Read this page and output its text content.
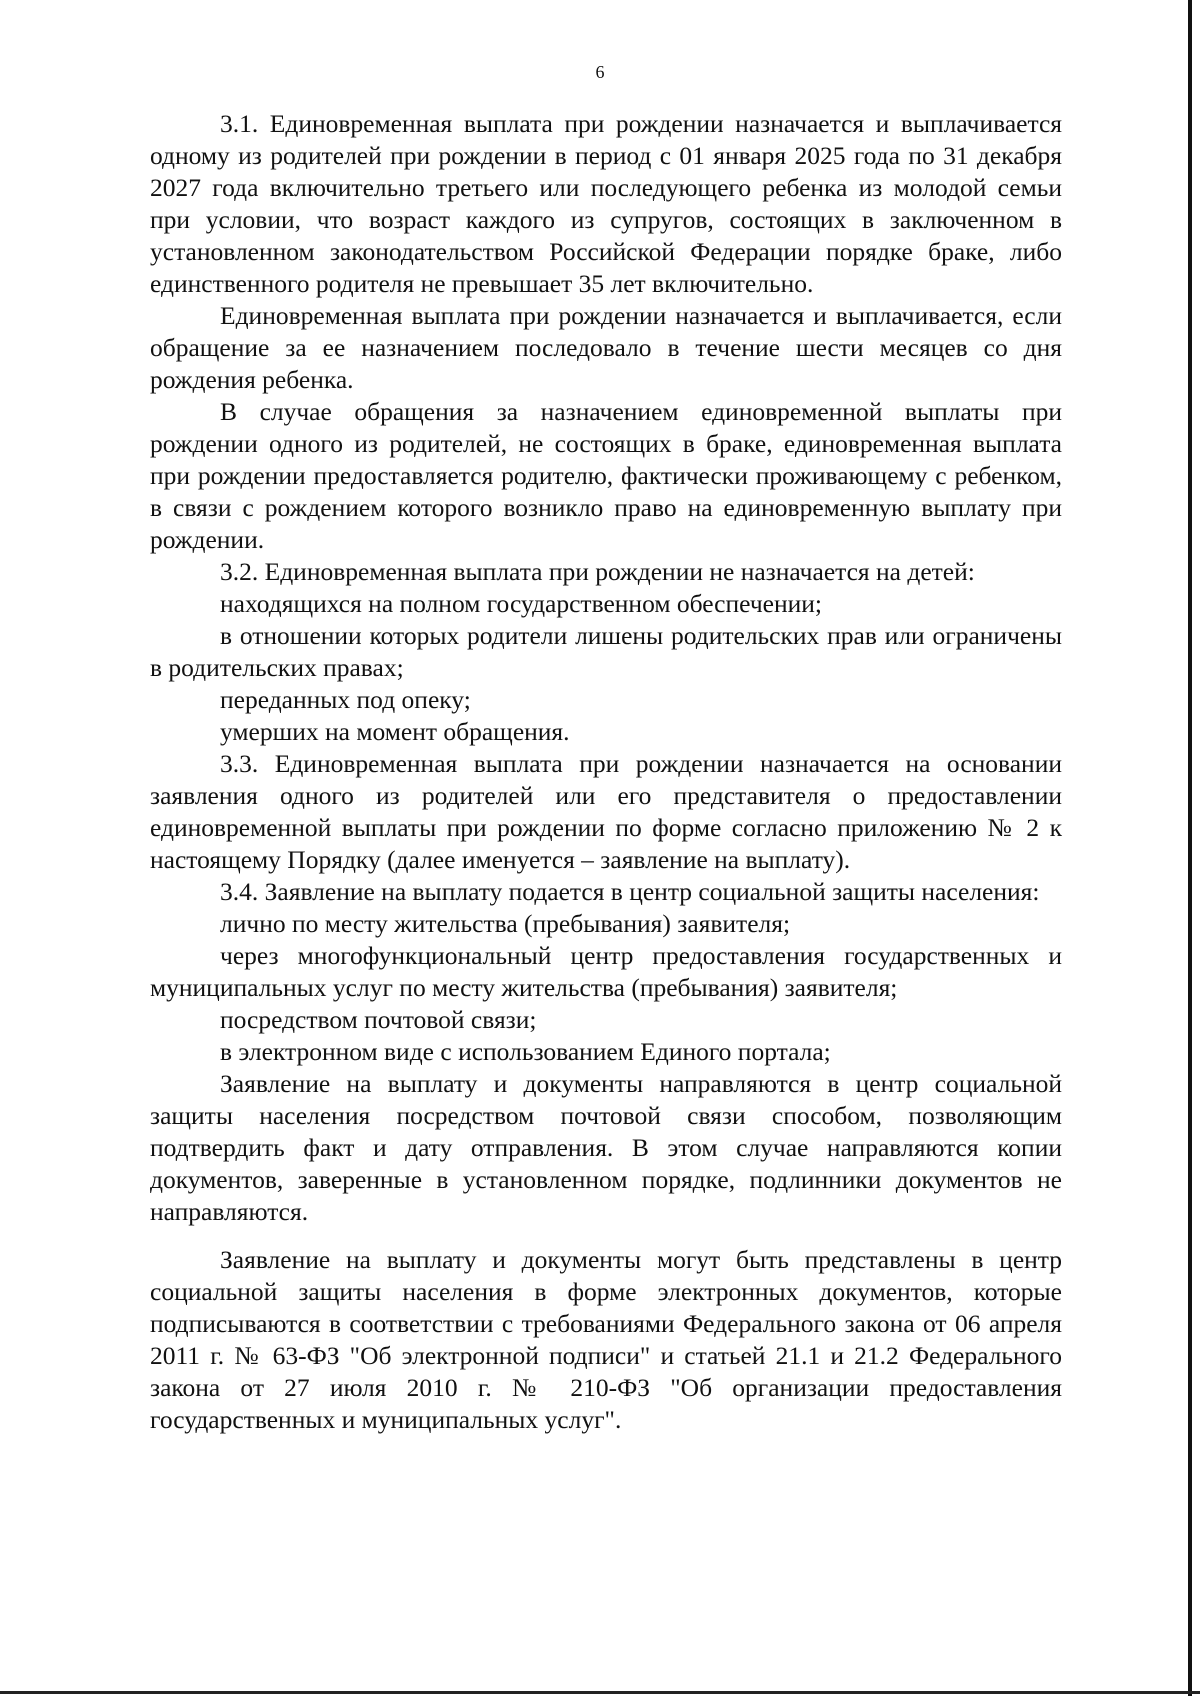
6

3.1. Единовременная выплата при рождении назначается и выплачивается одному из родителей при рождении в период с 01 января 2025 года по 31 декабря 2027 года включительно третьего или последующего ребенка из молодой семьи при условии, что возраст каждого из супругов, состоящих в заключенном в установленном законодательством Российской Федерации порядке браке, либо единственного родителя не превышает 35 лет включительно.

Единовременная выплата при рождении назначается и выплачивается, если обращение за ее назначением последовало в течение шести месяцев со дня рождения ребенка.

В случае обращения за назначением единовременной выплаты при рождении одного из родителей, не состоящих в браке, единовременная выплата при рождении предоставляется родителю, фактически проживающему с ребенком, в связи с рождением которого возникло право на единовременную выплату при рождении.

3.2. Единовременная выплата при рождении не назначается на детей:

находящихся на полном государственном обеспечении;

в отношении которых родители лишены родительских прав или ограничены в родительских правах;

переданных под опеку;

умерших на момент обращения.

3.3. Единовременная выплата при рождении назначается на основании заявления одного из родителей или его представителя о предоставлении единовременной выплаты при рождении по форме согласно приложению № 2 к настоящему Порядку (далее именуется – заявление на выплату).

3.4. Заявление на выплату подается в центр социальной защиты населения:

лично по месту жительства (пребывания) заявителя;

через многофункциональный центр предоставления государственных и муниципальных услуг по месту жительства (пребывания) заявителя;

посредством почтовой связи;

в электронном виде с использованием Единого портала;

Заявление на выплату и документы направляются в центр социальной защиты населения посредством почтовой связи способом, позволяющим подтвердить факт и дату отправления. В этом случае направляются копии документов, заверенные в установленном порядке, подлинники документов не направляются.

Заявление на выплату и документы могут быть представлены в центр социальной защиты населения в форме электронных документов, которые подписываются в соответствии с требованиями Федерального закона от 06 апреля 2011 г. № 63-ФЗ "Об электронной подписи" и статьей 21.1 и 21.2 Федерального закона от 27 июля 2010 г. № 210-ФЗ "Об организации предоставления государственных и муниципальных услуг".
